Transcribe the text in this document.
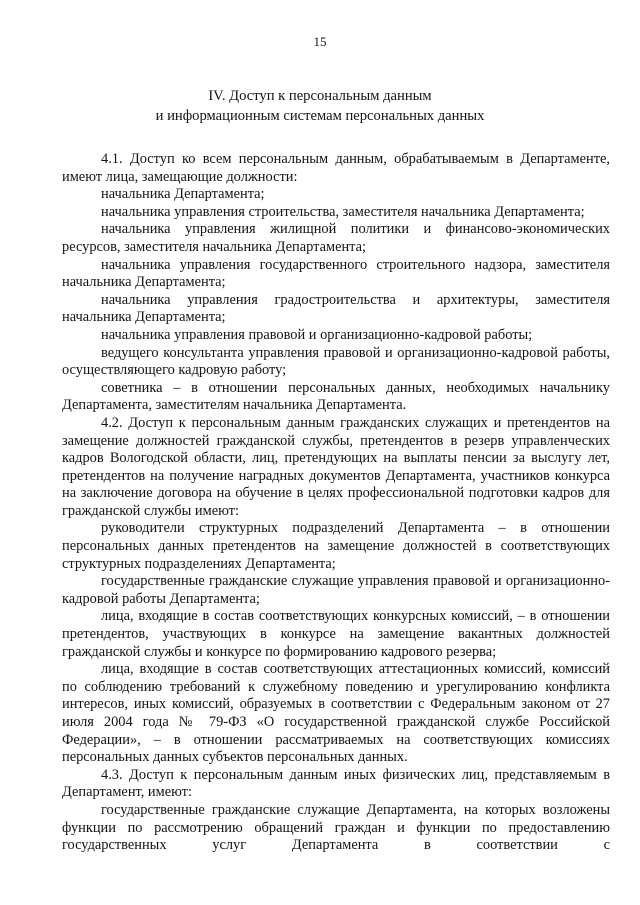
15
IV. Доступ к персональным данным
и информационным системам персональных данных

4.1. Доступ ко всем персональным данным, обрабатываемым в Департаменте, имеют лица, замещающие должности:

начальника Департамента;

начальника управления строительства, заместителя начальника Департамента;

начальника управления жилищной политики и финансово-экономических ресурсов, заместителя начальника Департамента;

начальника управления государственного строительного надзора, заместителя начальника Департамента;

начальника управления градостроительства и архитектуры, заместителя начальника Департамента;

начальника управления правовой и организационно-кадровой работы;

ведущего консультанта управления правовой и организационно-кадровой работы, осуществляющего кадровую работу;

советника – в отношении персональных данных, необходимых начальнику Департамента, заместителям начальника Департамента.

4.2. Доступ к персональным данным гражданских служащих и претендентов на замещение должностей гражданской службы, претендентов в резерв управленческих кадров Вологодской области, лиц, претендующих на выплаты пенсии за выслугу лет, претендентов на получение наградных документов Департамента, участников конкурса на заключение договора на обучение в целях профессиональной подготовки кадров для гражданской службы имеют:

руководители структурных подразделений Департамента – в отношении персональных данных претендентов на замещение должностей в соответствующих структурных подразделениях Департамента;

государственные гражданские служащие управления правовой и организационно-кадровой работы Департамента;

лица, входящие в состав соответствующих конкурсных комиссий, – в отношении претендентов, участвующих в конкурсе на замещение вакантных должностей гражданской службы и конкурсе по формированию кадрового резерва;

лица, входящие в состав соответствующих аттестационных комиссий, комиссий по соблюдению требований к служебному поведению и урегулированию конфликта интересов, иных комиссий, образуемых в соответствии с Федеральным законом от 27 июля 2004 года № 79-ФЗ «О государственной гражданской службе Российской Федерации», – в отношении рассматриваемых на соответствующих комиссиях персональных данных субъектов персональных данных.

4.3. Доступ к персональным данным иных физических лиц, представляемым в Департамент, имеют:

государственные гражданские служащие Департамента, на которых возложены функции по рассмотрению обращений граждан и функции по предоставлению государственных услуг Департамента в соответствии с
